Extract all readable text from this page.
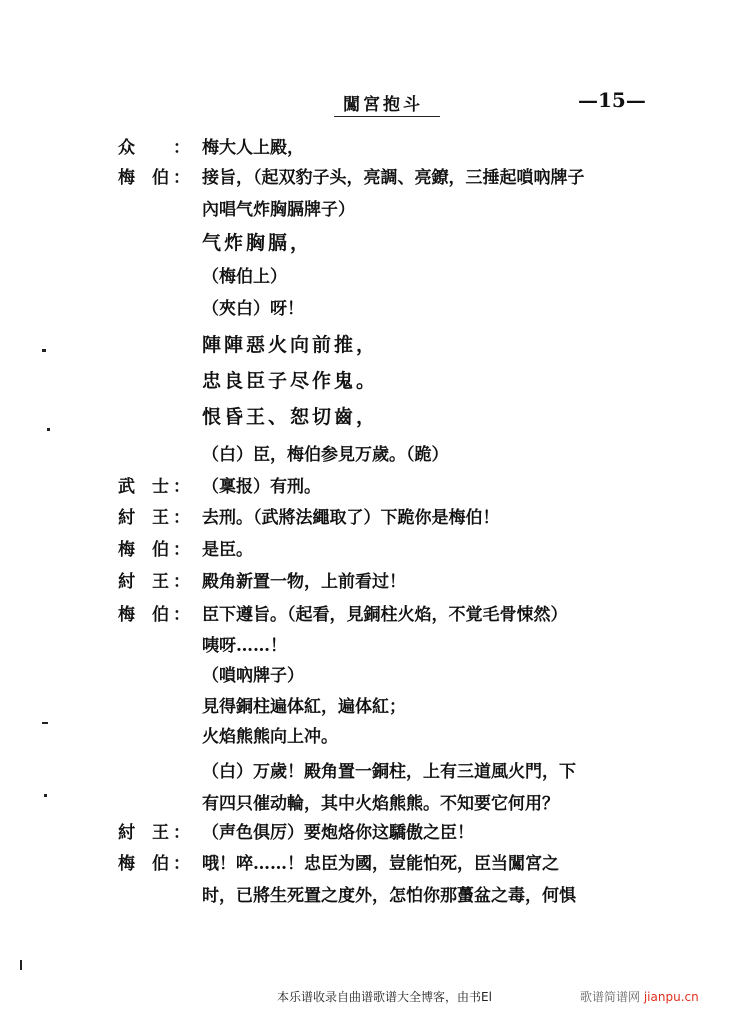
闖宮抱斗	—15—
众 ： 梅大人上殿，
梅　伯 ： 接旨，（起双豹子头，亮調、亮鐐，三捶起嗩吶牌子
內唱气炸胸膈牌子）
气炸胸膈，
（梅伯上）
（夾白）呀！
陣陣惡火向前推，
忠良臣子尽作鬼。
恨昏王、恕切齒，
（白）臣，梅伯参見万歲。（跪）
武　士 ： （稟报）有刑。
紂　王 ： 去刑。（武將法繩取了）下跪你是梅伯！
梅　伯 ： 是臣。
紂　王 ： 殿角新置一物，上前看过！
梅　伯 ： 臣下遵旨。（起看，見銅柱火焰，不覚毛骨悚然）
咦呀……！
（嗩吶牌子）
見得銅柱遍体紅，遍体紅；
火焰熊熊向上冲。
（白）万歲！殿角置一銅柱，上有三道風火門，下
有四只催动輪，其中火焰熊熊。不知要它何用？
紂　王 ： （声色俱厉）要炮烙你这驕傲之臣！
梅　伯 ： 哦！啐……！忠臣为國，豈能怕死，臣当闖宮之
时，已將生死置之度外，怎怕你那蠆盆之毒，何惧
本乐谱收录自曲谱歌谱大全博客，由书El	歌谱简谱网 jianpu.cn
